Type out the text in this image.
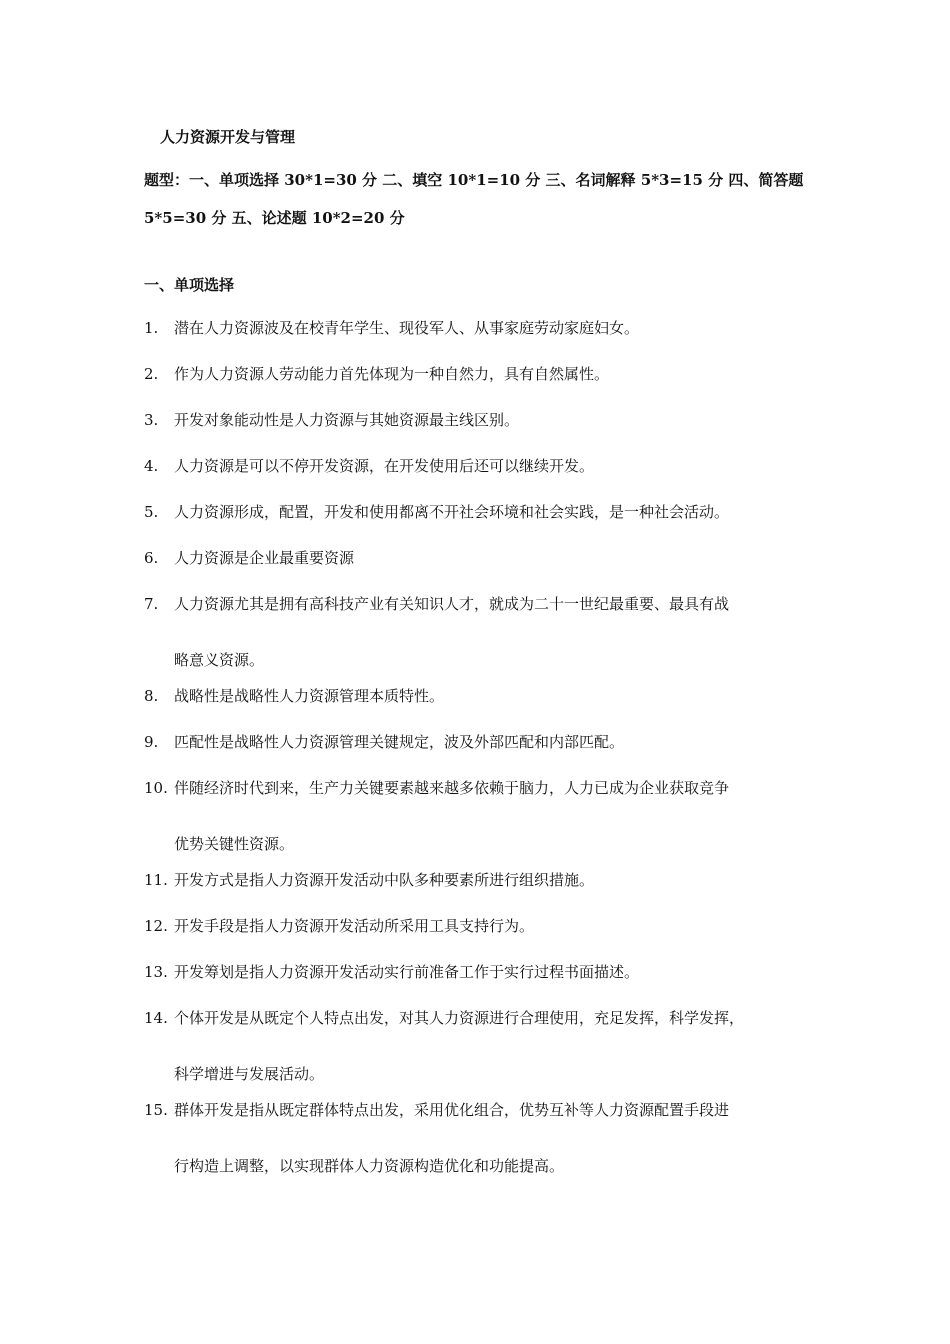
人力资源开发与管理
题型：一、单项选择 30*1=30 分 二、填空 10*1=10 分 三、名词解释 5*3=15 分 四、简答题
5*5=30 分 五、论述题 10*2=20 分
一、单项选择
1.	潜在人力资源波及在校青年学生、现役军人、从事家庭劳动家庭妇女。
2.	作为人力资源人劳动能力首先体现为一种自然力，具有自然属性。
3.	开发对象能动性是人力资源与其她资源最主线区别。
4.	人力资源是可以不停开发资源，在开发使用后还可以继续开发。
5.	人力资源形成，配置，开发和使用都离不开社会环境和社会实践，是一种社会活动。
6.	人力资源是企业最重要资源
7.	人力资源尤其是拥有高科技产业有关知识人才，就成为二十一世纪最重要、最具有战
略意义资源。
8.	战略性是战略性人力资源管理本质特性。
9.	匹配性是战略性人力资源管理关键规定，波及外部匹配和内部匹配。
10. 伴随经济时代到来，生产力关键要素越来越多依赖于脑力，人力已成为企业获取竞争
优势关键性资源。
11. 开发方式是指人力资源开发活动中队多种要素所进行组织措施。
12. 开发手段是指人力资源开发活动所采用工具支持行为。
13. 开发筹划是指人力资源开发活动实行前准备工作于实行过程书面描述。
14. 个体开发是从既定个人特点出发，对其人力资源进行合理使用，充足发挥，科学发挥，
科学增进与发展活动。
15. 群体开发是指从既定群体特点出发，采用优化组合，优势互补等人力资源配置手段进
行构造上调整，以实现群体人力资源构造优化和功能提高。
